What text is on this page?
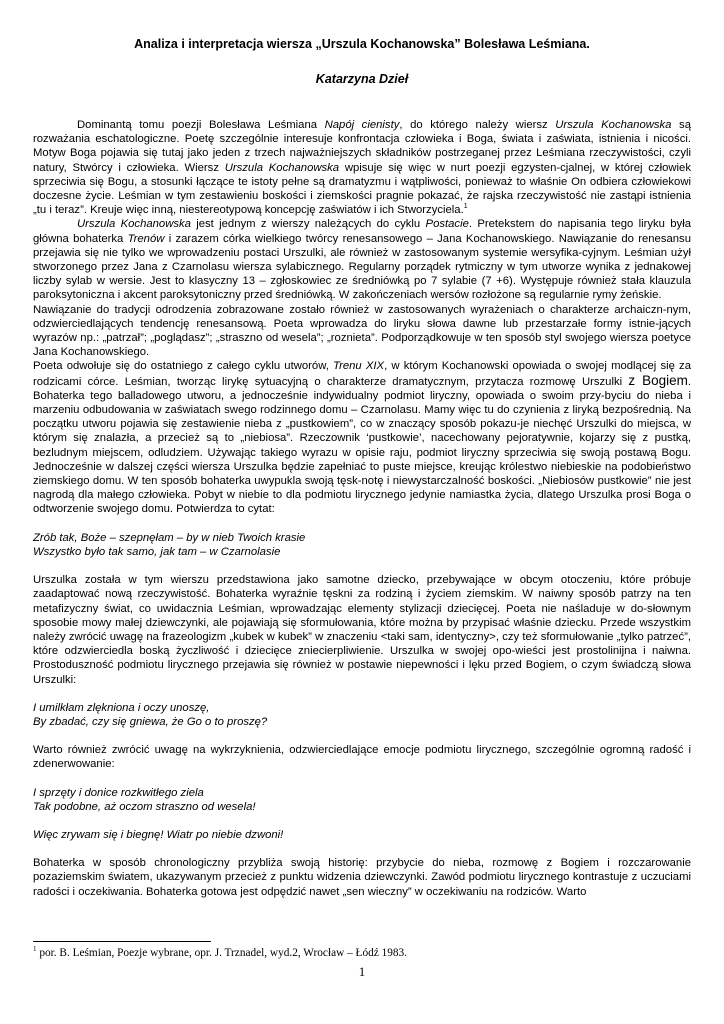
Analiza i interpretacja wiersza „Urszula Kochanowska” Bolesława Leśmiana.
Katarzyna Dzieł

Dominantą tomu poezji Bolesława Leśmiana Napój cienisty, do którego należy wiersz Urszula Kochanowska są rozważania eschatologiczne. Poetę szczególnie interesuje konfrontacja człowieka i Boga, świata i zaświata, istnienia i nicości. Motyw Boga pojawia się tutaj jako jeden z trzech najważniejszych składników postrzeganej przez Leśmiana rzeczywistości, czyli natury, Stwórcy i człowieka. Wiersz Urszula Kochanowska wpisuje się więc w nurt poezji egzysten-cjalnej, w której człowiek sprzeciwia się Bogu, a stosunki łączące te istoty pełne są dramatyzmu i wątpliwości, ponieważ to właśnie On odbiera człowiekowi doczesne życie. Leśmian w tym zestawieniu boskości i ziemskości pragnie pokazać, że rajska rzeczywistość nie zastąpi istnienia „tu i teraz”. Kreuje więc inną, niestereotypową koncepcję zaświatów i ich Stworzyciela.$^1$

Urszula Kochanowska jest jednym z wierszy należących do cyklu Postacie. Pretekstem do napisania tego liryku była główna bohaterka Trenów i zarazem córka wielkiego twórcy renesansowego – Jana Kochanowskiego. Nawiązanie do renesansu przejawia się nie tylko we wprowadzeniu postaci Urszulki, ale również w zastosowanym systemie wersyfika-cyjnym. Leśmian użył stworzonego przez Jana z Czarnolasu wiersza sylabicznego. Regularny porządek rytmiczny w tym utworze wynika z jednakowej liczby sylab w wersie. Jest to klasyczny 13 – zgłoskowiec ze średniówką po 7 sylabie (7 +6). Występuje również stała klauzula paroksytoniczna i akcent paroksytoniczny przed średniówką. W zakończeniach wersów rozłożone są regularnie rymy żeńskie.

Nawiązanie do tradycji odrodzenia zobrazowane zostało również w zastosowanych wyrażeniach o charakterze archaiczn-nym, odzwierciedlających tendencję renesansową. Poeta wprowadza do liryku słowa dawne lub przestarzałe formy istnie-jących wyrazów np.: „patrzał”; „poglądasz”; „straszno od wesela”; „roznieta”. Podporządkowuje w ten sposób styl swojego wiersza poetyce Jana Kochanowskiego.

Poeta odwołuje się do ostatniego z całego cyklu utworów, Trenu XIX, w którym Kochanowski opowiada o swojej modlącej się za rodzicami córce. Leśmian, tworząc lirykę sytuacyjną o charakterze dramatycznym, przytacza rozmowę Urszulki z Bogiem. Bohaterka tego balladowego utworu, a jednocześnie indywidualny podmiot liryczny, opowiada o swoim przy-byciu do nieba i marzeniu odbudowania w zaświatach swego rodzinnego domu – Czarnolasu. Mamy więc tu do czynienia z liryką bezpośrednią. Na początku utworu pojawia się zestawienie nieba z „pustkowiem”, co w znaczący sposób pokazu-je niechęć Urszulki do miejsca, w którym się znalazła, a przecież są to „niebiosa”. Rzeczownik ‘pustkowie’, nacechowany pejoratywnie, kojarzy się z pustką, bezludnym miejscem, odludziem. Używając takiego wyrazu w opisie raju, podmiot liryczny sprzeciwia się swoją postawą Bogu. Jednocześnie w dalszej części wiersza Urszulka będzie zapełniać to puste miejsce, kreując królestwo niebieskie na podobieństwo ziemskiego domu. W ten sposób bohaterka uwypukla swoją tęsk-notę i niewystarczalność boskości. „Niebiosów pustkowie” nie jest nagrodą dla małego człowieka. Pobyt w niebie to dla podmiotu lirycznego jedynie namiastka życia, dlatego Urszulka prosi Boga o odtworzenie swojego domu. Potwierdza to cytat:

Zrób tak, Boże – szepnęłam – by w nieb Twoich krasie
Wszystko było tak samo, jak tam – w Czarnolasie

Urszulka została w tym wierszu przedstawiona jako samotne dziecko, przebywające w obcym otoczeniu, które próbuje zaadaptować nową rzeczywistość. Bohaterka wyraźnie tęskni za rodziną i życiem ziemskim. W naiwny sposób patrzy na ten metafizyczny świat, co uwidacznia Leśmian, wprowadzając elementy stylizacji dziecięcej. Poeta nie naśladuje w do-słownym sposobie mowy małej dziewczynki, ale pojawiają się sformułowania, które można by przypisać właśnie dziecku. Przede wszystkim należy zwrócić uwagę na frazeologizm „kubek w kubek” w znaczeniu <taki sam, identyczny>, czy też sformułowanie „tylko patrzeć”, które odzwierciedla boską życzliwość i dziecięce zniecierpliwienie. Urszulka w swojej opo-wieści jest prostolinijna i naiwna. Prostoduszność podmiotu lirycznego przejawia się również w postawie niepewności i lęku przed Bogiem, o czym świadczą słowa Urszulki:

I umilkłam zlękniona i oczy unoszę,
By zbadać, czy się gniewa, że Go o to proszę?

Warto również zwrócić uwagę na wykrzyknienia, odzwierciedlające emocje podmiotu lirycznego, szczególnie ogromną radość i zdenerwowanie:

I sprzęty i donice rozkwitłego ziela
Tak podobne, aż oczom straszno od wesela!

Więc zrywam się i biegnę! Wiatr po niebie dzwoni!

Bohaterka w sposób chronologiczny przybliża swoją historię: przybycie do nieba, rozmowę z Bogiem i rozczarowanie pozaziemskim światem, ukazywanym przecież z punktu widzenia dziewczynki. Zawód podmiotu lirycznego kontrastuje z uczuciami radości i oczekiwania. Bohaterka gotowa jest odpędzić nawet „sen wieczny” w oczekiwaniu na rodziców. Warto

$^1$ por. B. Leśmian, Poezje wybrane, opr. J. Trznadel, wyd.2, Wrocław – Łódź 1983.
1
